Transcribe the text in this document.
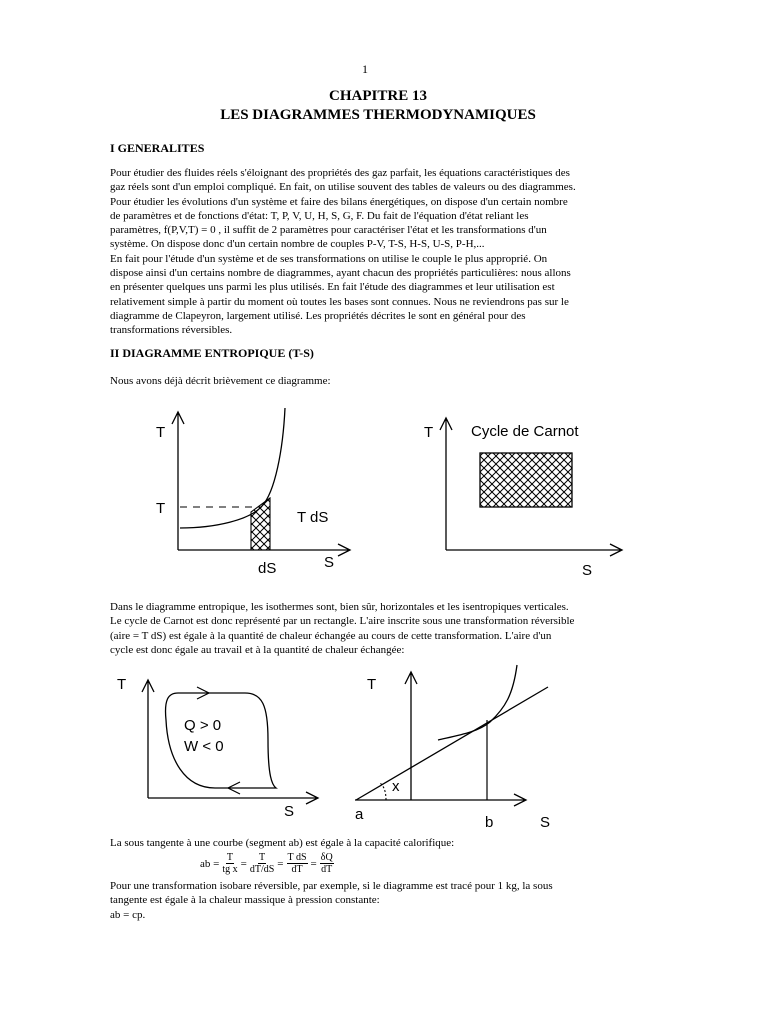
1
CHAPITRE 13
LES DIAGRAMMES THERMODYNAMIQUES
I GENERALITES
Pour étudier des fluides réels s'éloignant des propriétés des gaz parfait, les équations caractéristiques des
gaz réels sont d'un emploi compliqué. En fait, on utilise souvent des tables de valeurs ou des diagrammes.
Pour étudier les évolutions d'un système et faire des bilans énergétiques, on dispose d'un certain nombre
de paramètres et de fonctions d'état: T, P, V, U, H, S, G, F. Du fait de l'équation d'état reliant les
paramètres, f(P,V,T) = 0 , il suffit de 2 paramètres pour caractériser l'état et les transformations d'un
système. On dispose donc d'un certain nombre de couples P-V, T-S, H-S, U-S, P-H,...
En fait pour l'étude d'un système et de ses transformations on utilise le couple le plus approprié. On
dispose ainsi d'un certains nombre de diagrammes, ayant chacun des propriétés particulières: nous allons
en présenter quelques uns parmi les plus utilisés. En fait l'étude des diagrammes et leur utilisation est
relativement simple à partir du moment où toutes les bases sont connues. Nous ne reviendrons pas sur le
diagramme de Clapeyron, largement utilisé. Les propriétés décrites le sont en général pour des
transformations réversibles.
II DIAGRAMME ENTROPIQUE (T-S)
Nous avons déjà décrit brièvement ce diagramme:
T
T
T dS
dS	S
T	Cycle de Carnot
S
T
Q > 0
W < 0
S
T
x
a	b	S
Dans le diagramme entropique, les isothermes sont, bien sûr, horizontales et les isentropiques verticales.
Le cycle de Carnot est donc représenté par un rectangle. L'aire inscrite sous une transformation réversible
(aire = T dS) est égale à la quantité de chaleur échangée au cours de cette transformation. L'aire d'un
cycle est donc égale au travail et à la quantité de chaleur échangée:
La sous tangente à une courbe (segment ab) est égale à la capacité calorifique:
ab = $\frac{T}{\text{tg x}} = \frac{T}{dT/dS} = \frac{\text{T dS}}{dT} = \frac{\delta Q}{dT}$
Pour une transformation isobare réversible, par exemple, si le diagramme est tracé pour 1 kg, la sous
tangente est égale à la chaleur massique à pression constante:
ab = cp.
